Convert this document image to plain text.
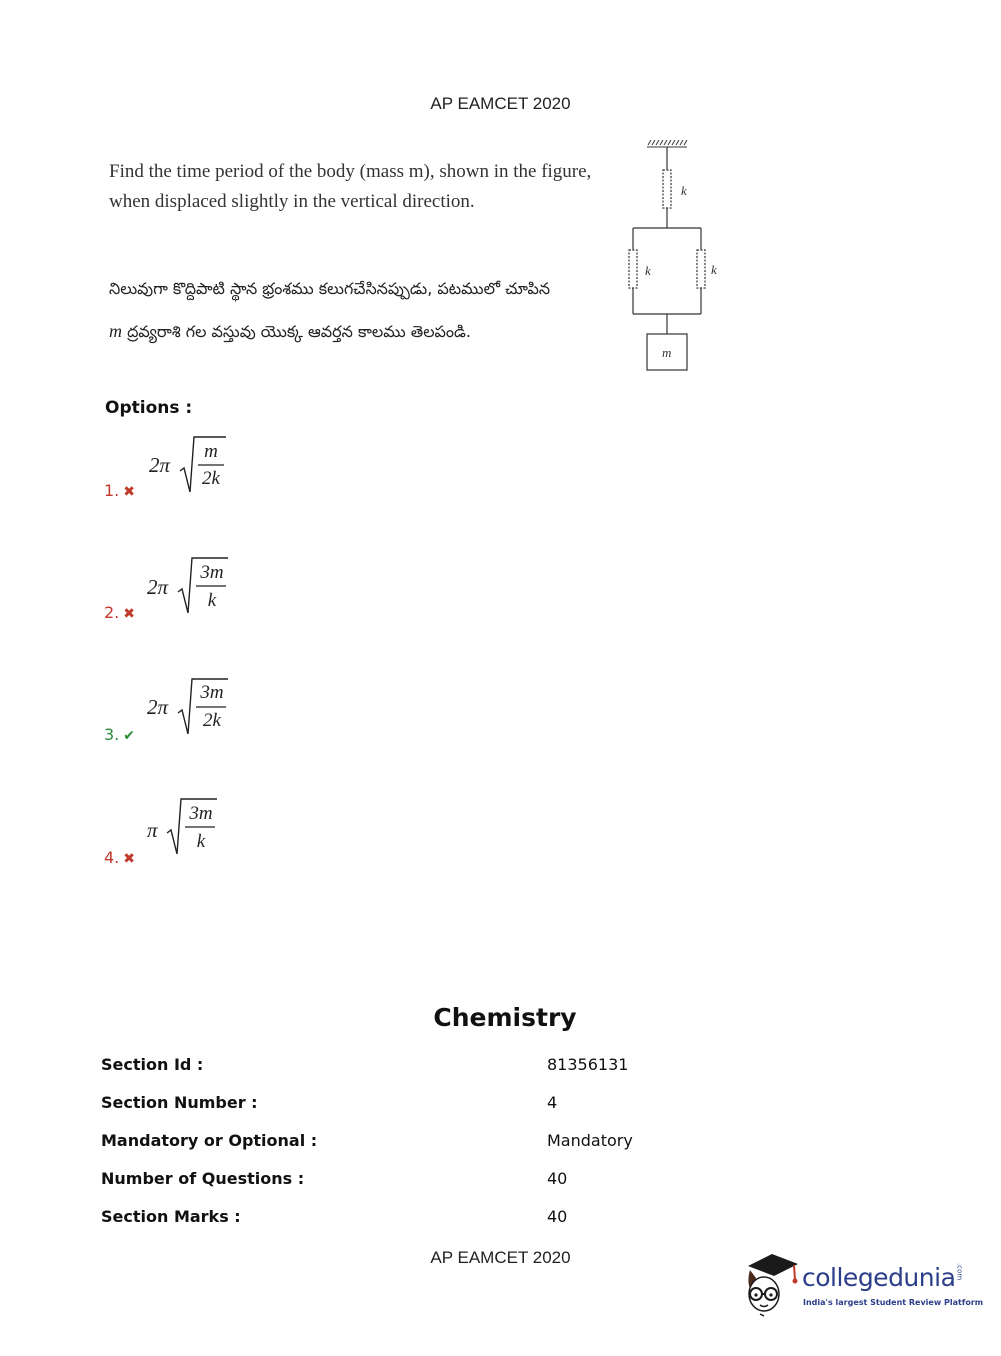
AP EAMCET 2020
Find the time period of the body (mass m), shown in the figure, when displaced slightly in the vertical direction.
నిలువుగా కొద్దిపాటి స్థాన భ్రంశము కలుగచేసినప్పుడు, పటములో చూపిన
m ద్రవ్యరాశి గల వస్తువు యొక్క ఆవర్తన కాలము తెలపండి.
k
k	k
m
Options :
1. ✖
2π
m
2k
2. ✖
2π
3m
k
3. ✔
2π
3m
2k
4. ✖
π
3m
k
Chemistry
Section Id :	81356131
Section Number :	4
Mandatory or Optional :	Mandatory
Number of Questions :	40
Section Marks :	40
AP EAMCET 2020
collegedunia.com
India's largest Student Review Platform
